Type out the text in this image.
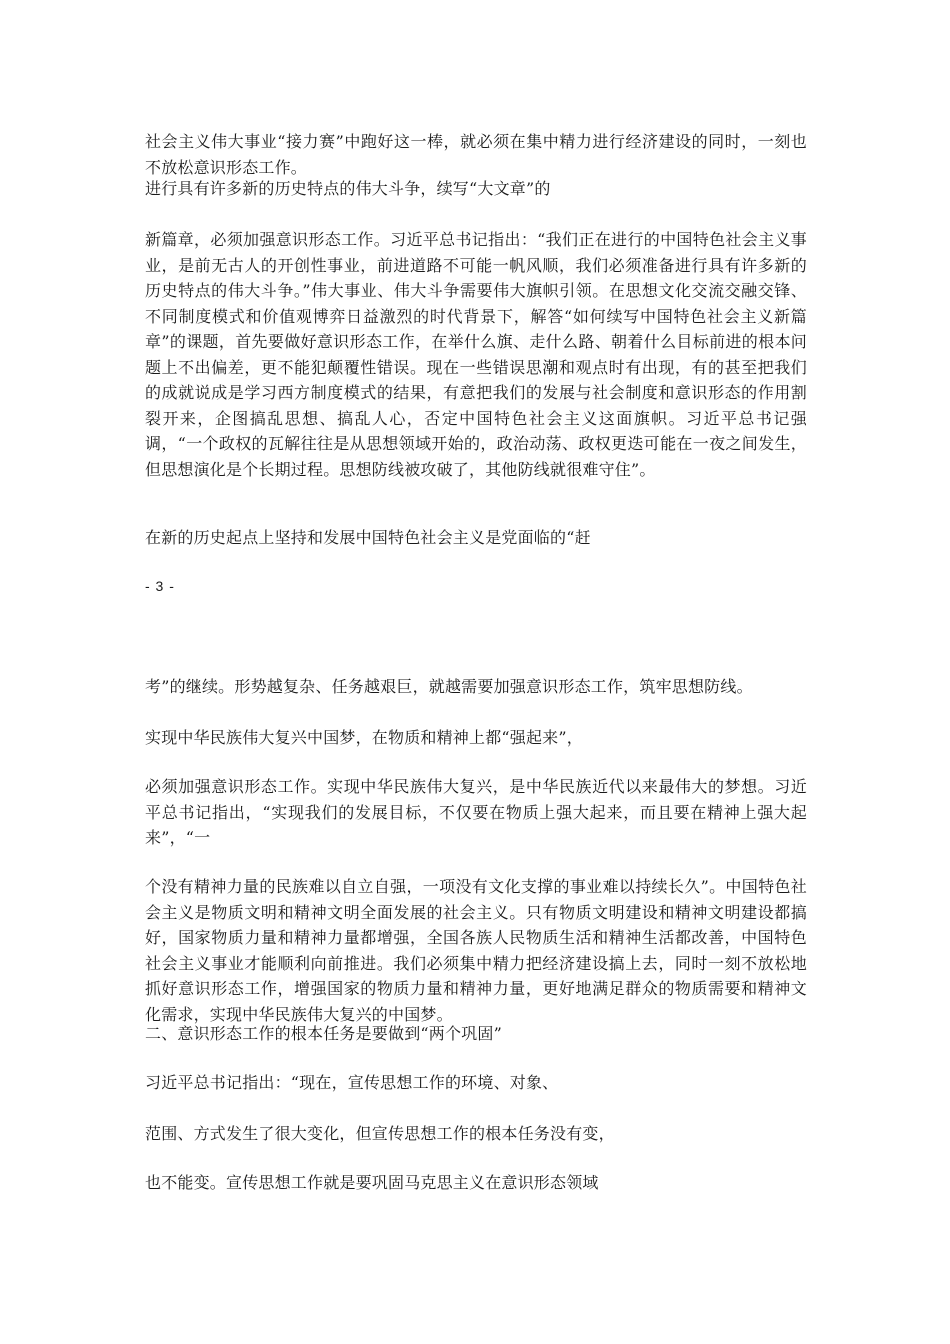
社会主义伟大事业“接力赛”中跑好这一棒，就必须在集中精力进行经济建设的同时，一刻也不放松意识形态工作。

进行具有许多新的历史特点的伟大斗争，续写“大文章”的

新篇章，必须加强意识形态工作。习近平总书记指出：“我们正在进行的中国特色社会主义事业，是前无古人的开创性事业，前进道路不可能一帆风顺，我们必须准备进行具有许多新的历史特点的伟大斗争。”伟大事业、伟大斗争需要伟大旗帜引领。在思想文化交流交融交锋、不同制度模式和价值观博弈日益激烈的时代背景下，解答“如何续写中国特色社会主义新篇章”的课题，首先要做好意识形态工作，在举什么旗、走什么路、朝着什么目标前进的根本问题上不出偏差，更不能犯颠覆性错误。现在一些错误思潮和观点时有出现，有的甚至把我们的成就说成是学习西方制度模式的结果，有意把我们的发展与社会制度和意识形态的作用割裂开来，企图搞乱思想、搞乱人心，否定中国特色社会主义这面旗帜。习近平总书记强调，“一个政权的瓦解往往是从思想领域开始的，政治动荡、政权更迭可能在一夜之间发生，但思想演化是个长期过程。思想防线被攻破了，其他防线就很难守住”。

在新的历史起点上坚持和发展中国特色社会主义是党面临的“赶

- 3 -

考”的继续。形势越复杂、任务越艰巨，就越需要加强意识形态工作，筑牢思想防线。

实现中华民族伟大复兴中国梦，在物质和精神上都“强起来”，

必须加强意识形态工作。实现中华民族伟大复兴，是中华民族近代以来最伟大的梦想。习近平总书记指出，“实现我们的发展目标，不仅要在物质上强大起来，而且要在精神上强大起来”，“一

个没有精神力量的民族难以自立自强，一项没有文化支撑的事业难以持续长久”。中国特色社会主义是物质文明和精神文明全面发展的社会主义。只有物质文明建设和精神文明建设都搞好，国家物质力量和精神力量都增强，全国各族人民物质生活和精神生活都改善，中国特色社会主义事业才能顺利向前推进。我们必须集中精力把经济建设搞上去，同时一刻不放松地抓好意识形态工作，增强国家的物质力量和精神力量，更好地满足群众的物质需要和精神文化需求，实现中华民族伟大复兴的中国梦。

二、意识形态工作的根本任务是要做到“两个巩固”

习近平总书记指出：“现在，宣传思想工作的环境、对象、

范围、方式发生了很大变化，但宣传思想工作的根本任务没有变，

也不能变。宣传思想工作就是要巩固马克思主义在意识形态领域
